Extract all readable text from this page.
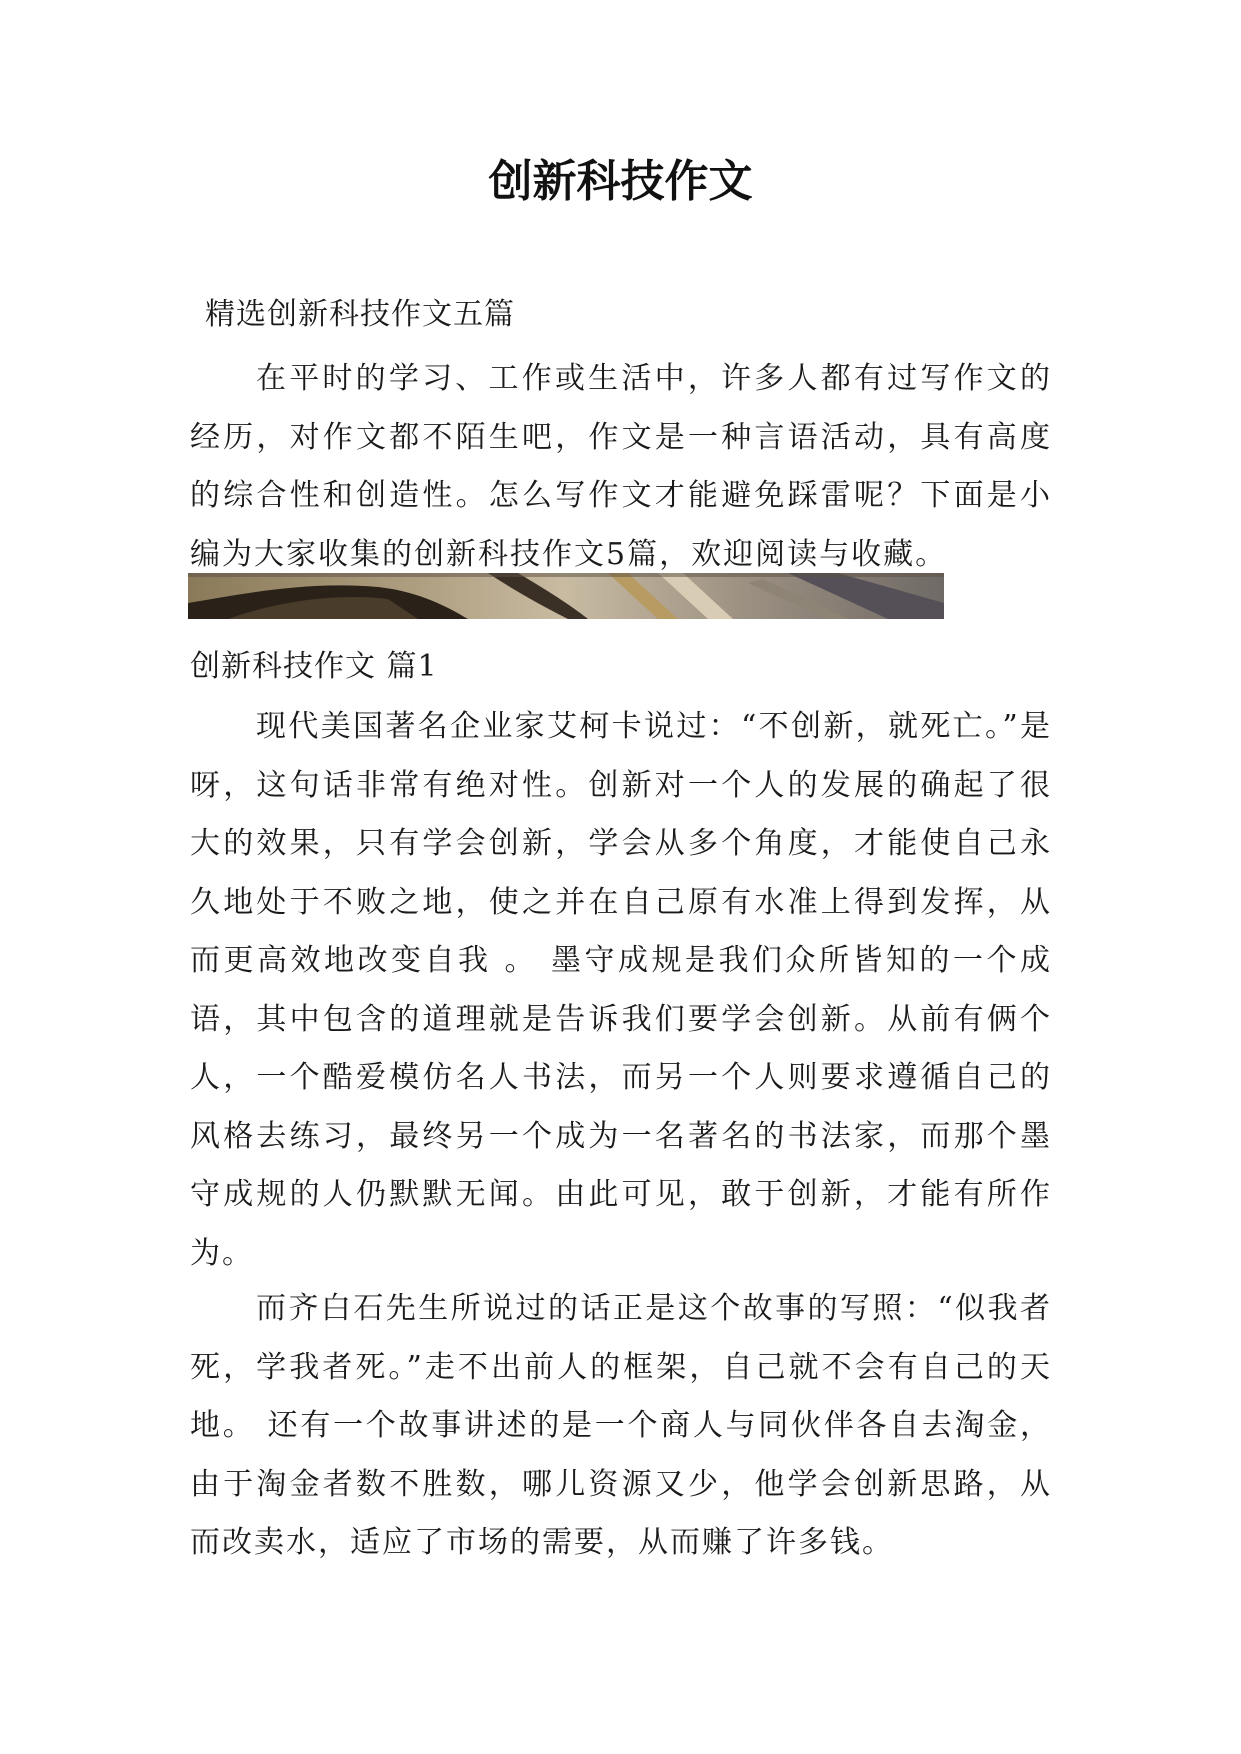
创新科技作文

精选创新科技作文五篇

在平时的学习、工作或生活中，许多人都有过写作文的经历，对作文都不陌生吧，作文是一种言语活动，具有高度的综合性和创造性。怎么写作文才能避免踩雷呢？下面是小编为大家收集的创新科技作文5篇，欢迎阅读与收藏。

创新科技作文 篇1

现代美国著名企业家艾柯卡说过：“不创新，就死亡。”是呀，这句话非常有绝对性。创新对一个人的发展的确起了很大的效果，只有学会创新，学会从多个角度，才能使自己永久地处于不败之地，使之并在自己原有水准上得到发挥，从而更高效地改变自我 。 墨守成规是我们众所皆知的一个成语，其中包含的道理就是告诉我们要学会创新。从前有俩个人，一个酷爱模仿名人书法，而另一个人则要求遵循自己的风格去练习，最终另一个成为一名著名的书法家，而那个墨守成规的人仍默默无闻。由此可见，敢于创新，才能有所作为。

而齐白石先生所说过的话正是这个故事的写照：“似我者死，学我者死。”走不出前人的框架，自己就不会有自己的天地。 还有一个故事讲述的是一个商人与同伙伴各自去淘金，由于淘金者数不胜数，哪儿资源又少，他学会创新思路，从而改卖水，适应了市场的需要，从而赚了许多钱。
